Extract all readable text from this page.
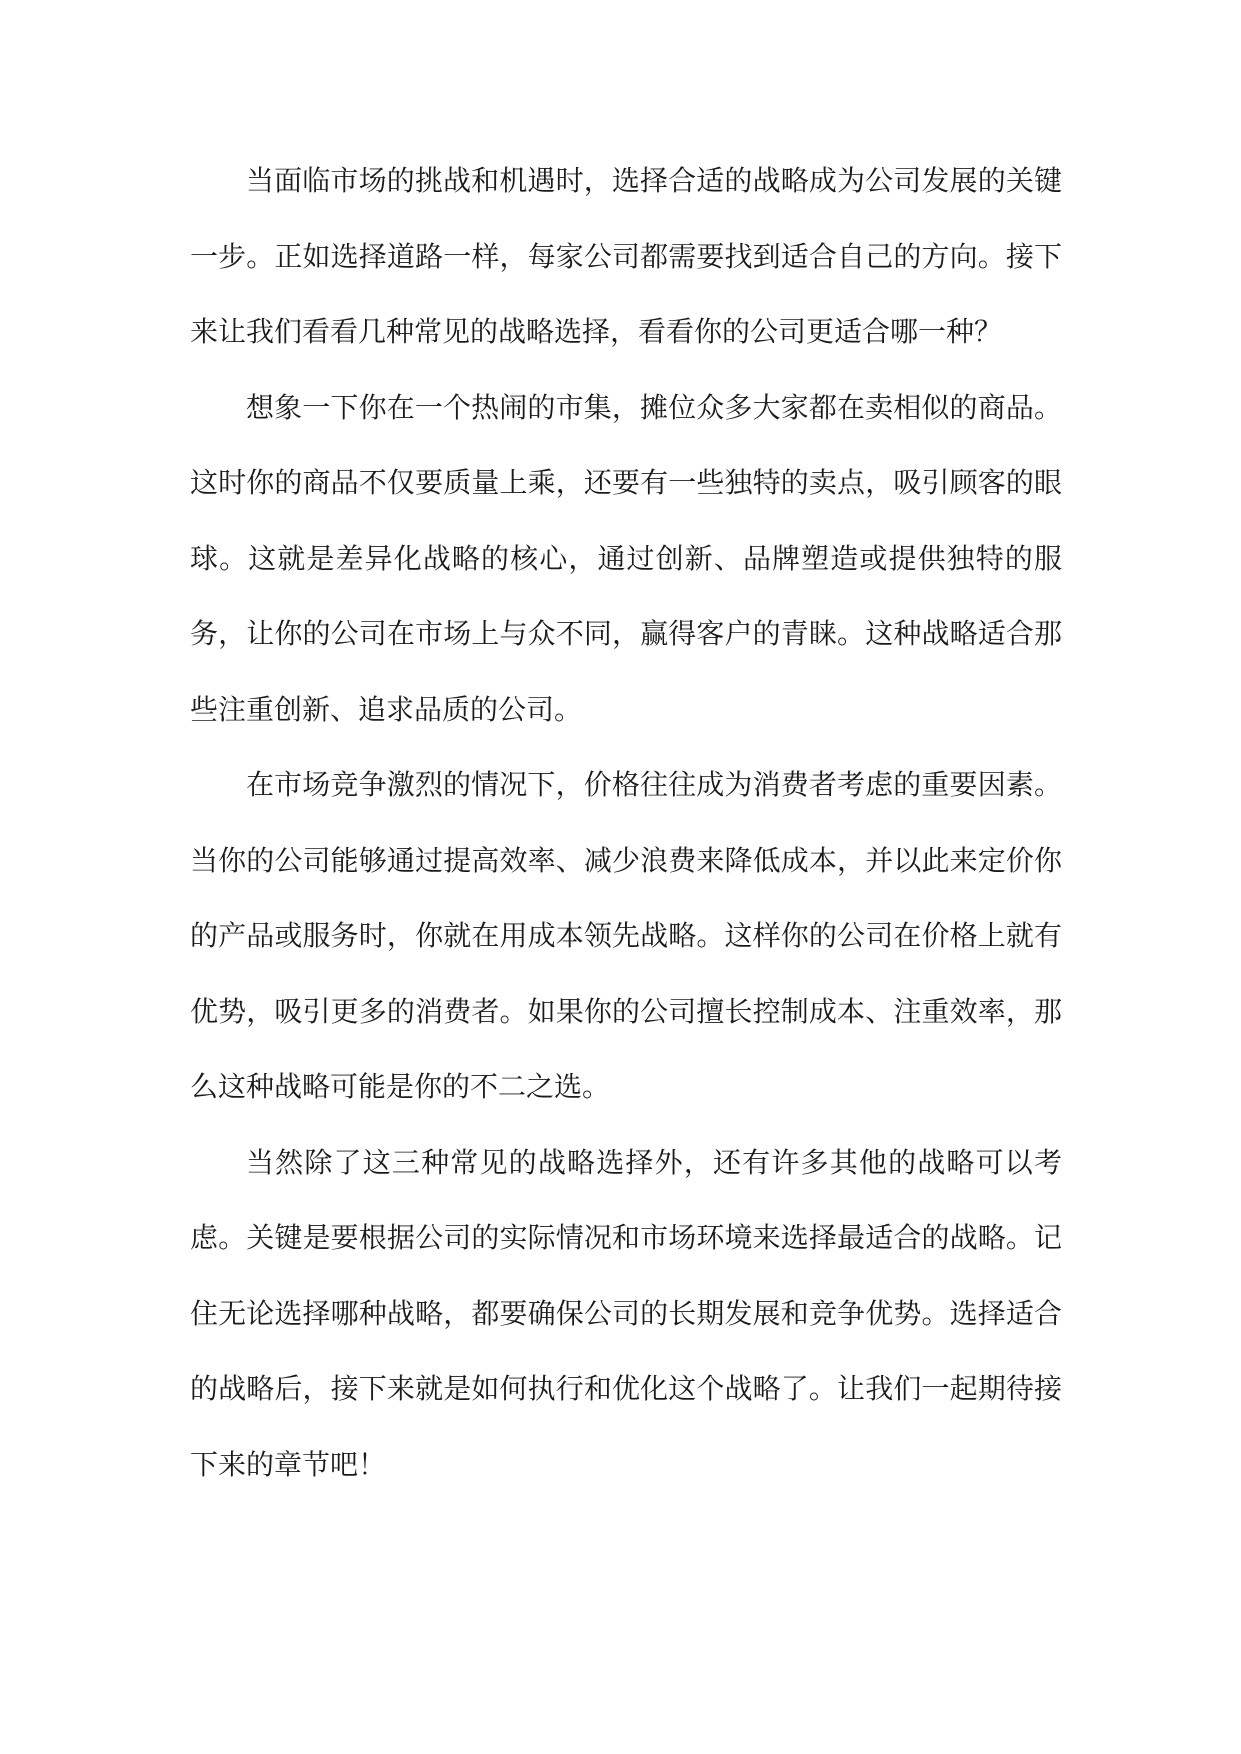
当面临市场的挑战和机遇时，选择合适的战略成为公司发展的关键一步。正如选择道路一样，每家公司都需要找到适合自己的方向。接下来让我们看看几种常见的战略选择，看看你的公司更适合哪一种？

想象一下你在一个热闹的市集，摊位众多大家都在卖相似的商品。这时你的商品不仅要质量上乘，还要有一些独特的卖点，吸引顾客的眼球。这就是差异化战略的核心，通过创新、品牌塑造或提供独特的服务，让你的公司在市场上与众不同，赢得客户的青睐。这种战略适合那些注重创新、追求品质的公司。

在市场竞争激烈的情况下，价格往往成为消费者考虑的重要因素。当你的公司能够通过提高效率、减少浪费来降低成本，并以此来定价你的产品或服务时，你就在用成本领先战略。这样你的公司在价格上就有优势，吸引更多的消费者。如果你的公司擅长控制成本、注重效率，那么这种战略可能是你的不二之选。

当然除了这三种常见的战略选择外，还有许多其他的战略可以考虑。关键是要根据公司的实际情况和市场环境来选择最适合的战略。记住无论选择哪种战略，都要确保公司的长期发展和竞争优势。选择适合的战略后，接下来就是如何执行和优化这个战略了。让我们一起期待接下来的章节吧！
